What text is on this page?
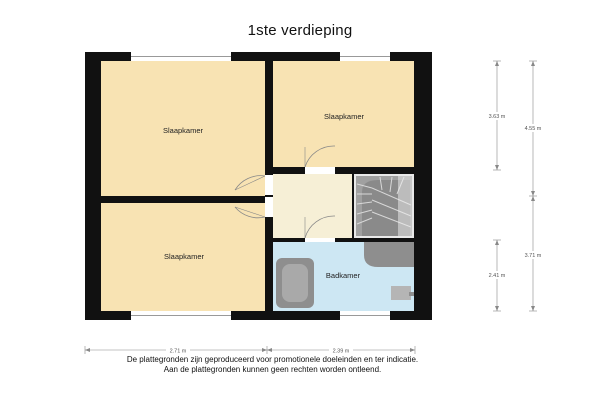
1ste verdieping
Slaapkamer
Slaapkamer
Slaapkamer
Badkamer
2.71 m	2.39 m
3.63 m
2.41 m
4.55 m
3.71 m
De plattegronden zijn geproduceerd voor promotionele doeleinden en ter indicatie.
Aan de plattegronden kunnen geen rechten worden ontleend.
